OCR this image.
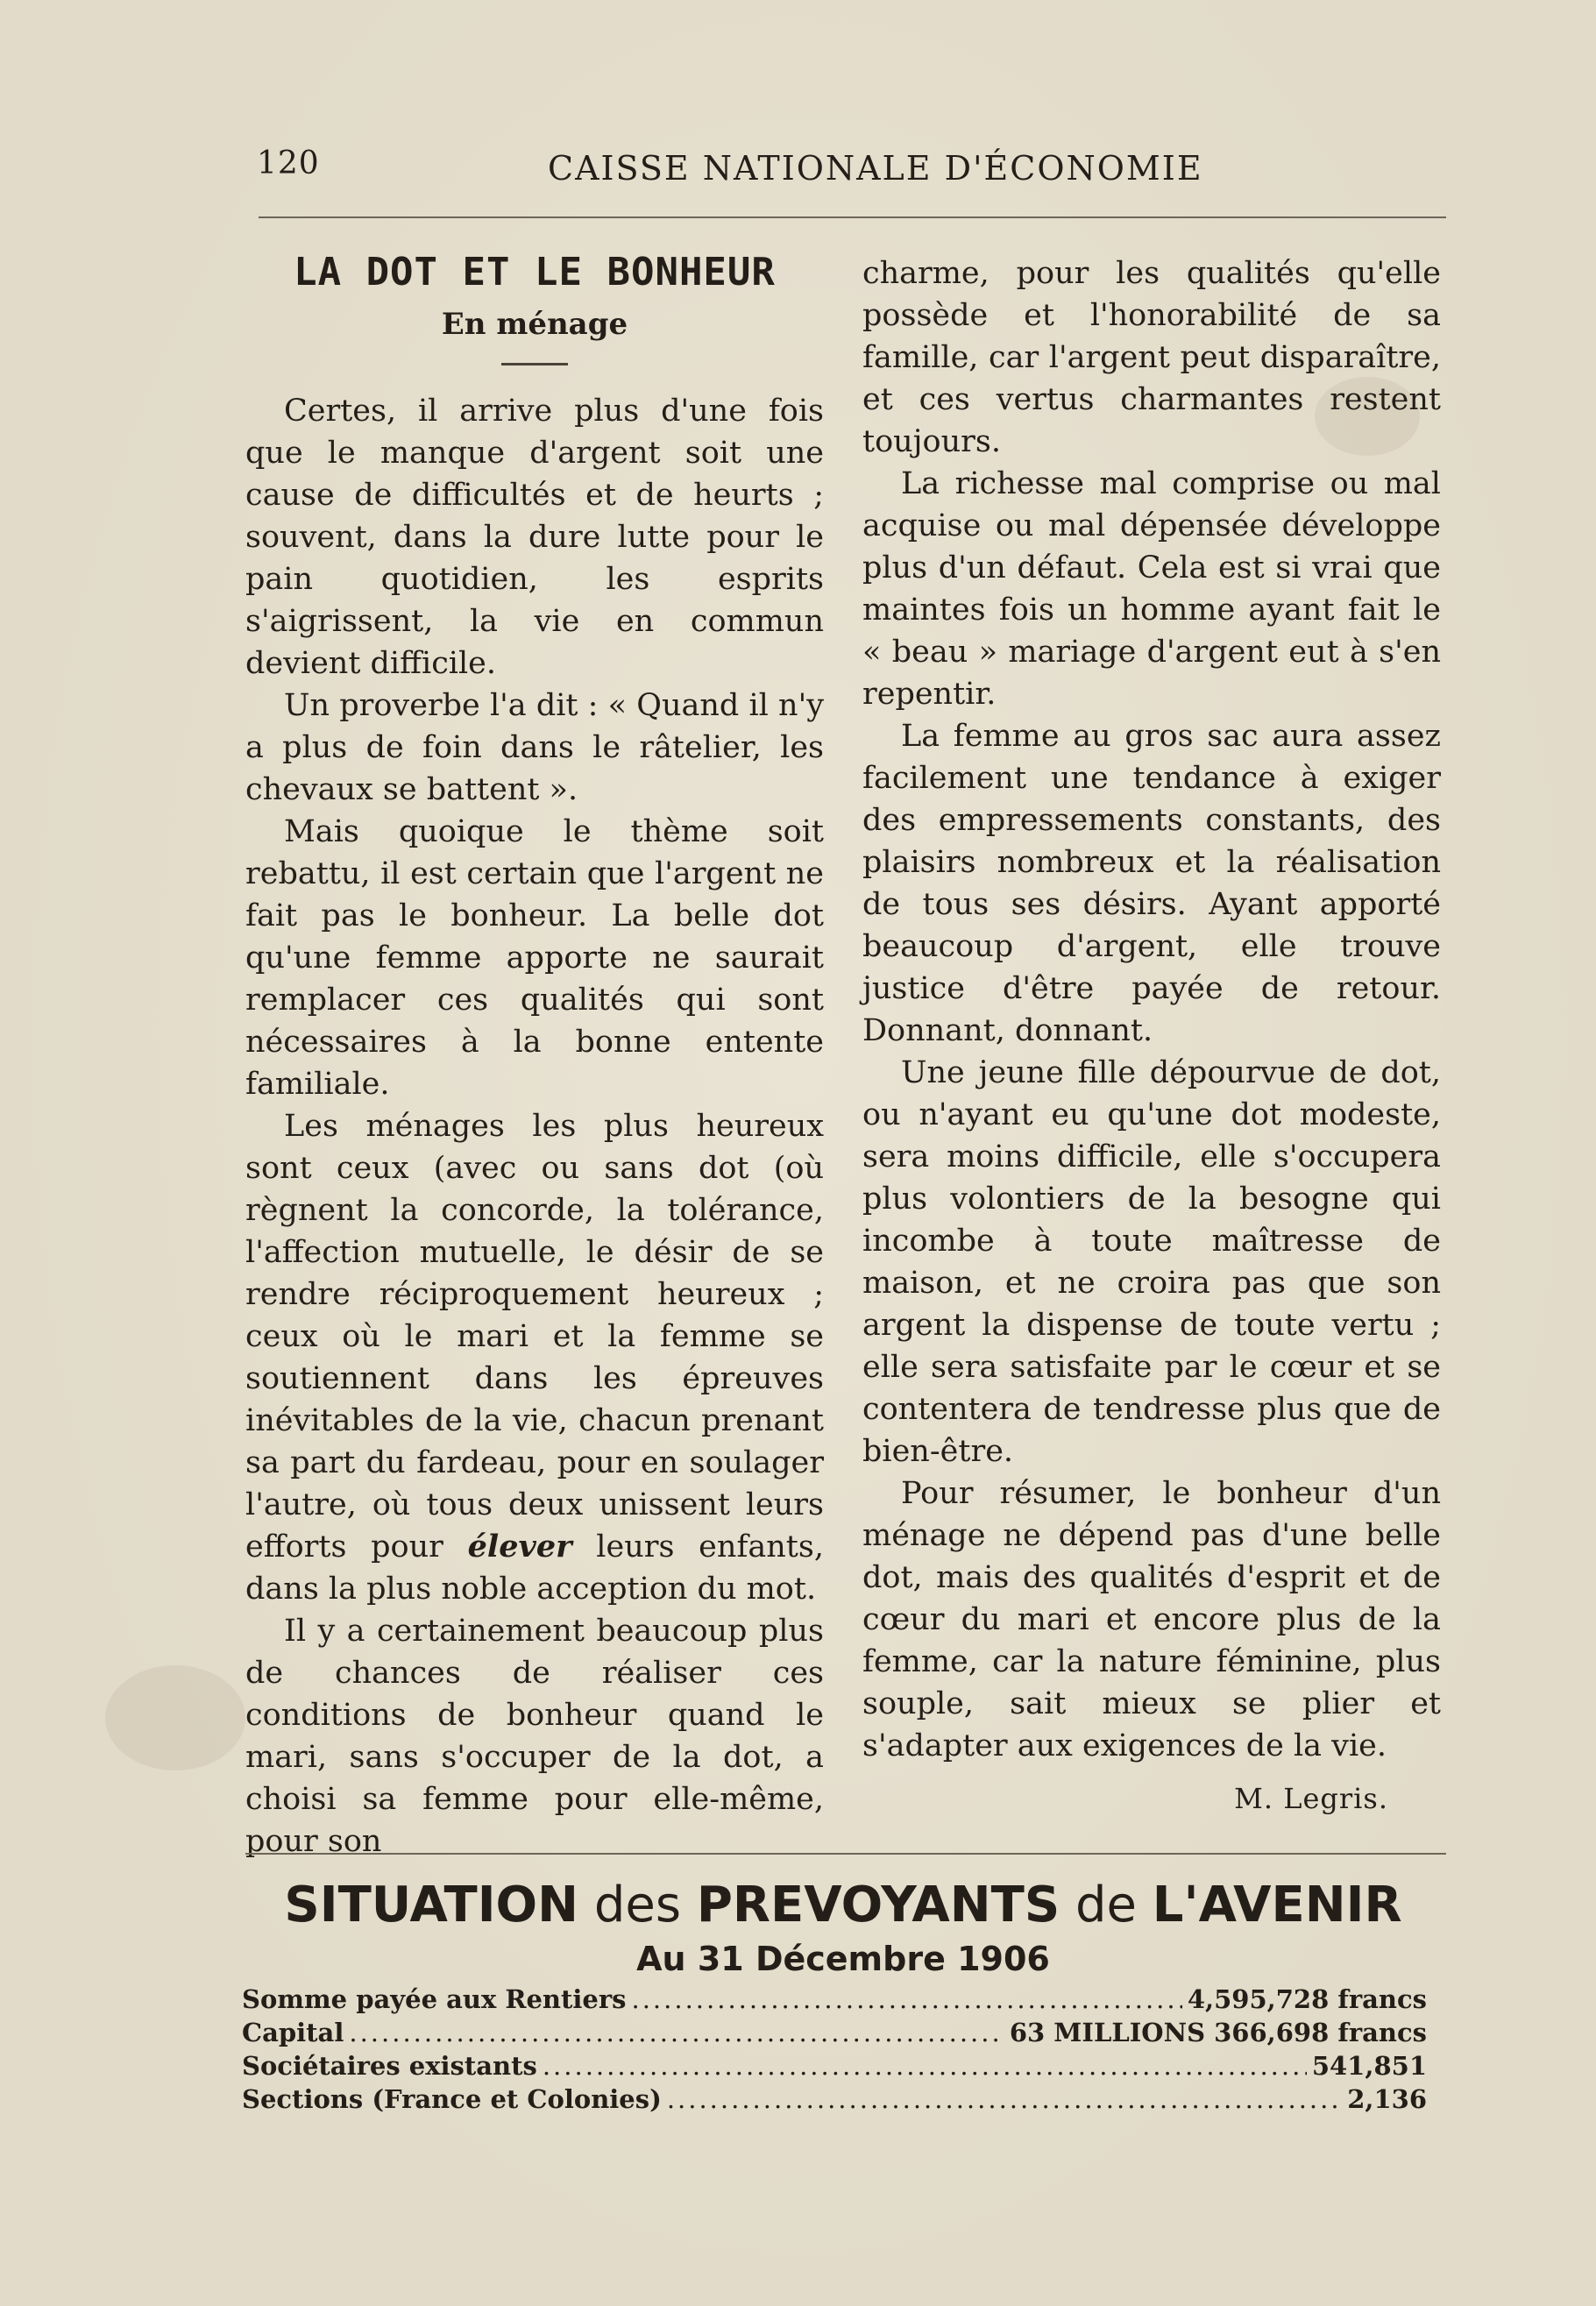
120	CAISSE NATIONALE D'ÉCONOMIE
LA DOT ET LE BONHEUR
En ménage

Certes, il arrive plus d'une fois que le manque d'argent soit une cause de difficultés et de heurts ; souvent, dans la dure lutte pour le pain quotidien, les esprits s'aigrissent, la vie en commun devient difficile.

Un proverbe l'a dit : « Quand il n'y a plus de foin dans le râtelier, les chevaux se battent ».

Mais quoique le thème soit rebattu, il est certain que l'argent ne fait pas le bonheur. La belle dot qu'une femme apporte ne saurait remplacer ces qualités qui sont nécessaires à la bonne entente familiale.

Les ménages les plus heureux sont ceux (avec ou sans dot (où règnent la concorde, la tolérance, l'affection mutuelle, le désir de se rendre réciproquement heureux ; ceux où le mari et la femme se soutiennent dans les épreuves inévitables de la vie, chacun prenant sa part du fardeau, pour en soulager l'autre, où tous deux unissent leurs efforts pour élever leurs enfants, dans la plus noble acception du mot.

Il y a certainement beaucoup plus de chances de réaliser ces conditions de bonheur quand le mari, sans s'occuper de la dot, a choisi sa femme pour elle-même, pour son

charme, pour les qualités qu'elle possède et l'honorabilité de sa famille, car l'argent peut disparaître, et ces vertus charmantes restent toujours.

La richesse mal comprise ou mal acquise ou mal dépensée développe plus d'un défaut. Cela est si vrai que maintes fois un homme ayant fait le « beau » mariage d'argent eut à s'en repentir.

La femme au gros sac aura assez facilement une tendance à exiger des empressements constants, des plaisirs nombreux et la réalisation de tous ses désirs. Ayant apporté beaucoup d'argent, elle trouve justice d'être payée de retour. Donnant, donnant.

Une jeune fille dépourvue de dot, ou n'ayant eu qu'une dot modeste, sera moins difficile, elle s'occupera plus volontiers de la besogne qui incombe à toute maîtresse de maison, et ne croira pas que son argent la dispense de toute vertu ; elle sera satisfaite par le cœur et se contentera de tendresse plus que de bien-être.

Pour résumer, le bonheur d'un ménage ne dépend pas d'une belle dot, mais des qualités d'esprit et de cœur du mari et encore plus de la femme, car la nature féminine, plus souple, sait mieux se plier et s'adapter aux exigences de la vie.

M. Legris.
SITUATION des PREVOYANTS de L'AVENIR
Au 31 Décembre 1906
Somme payée aux Rentiers .....	4,595,728 francs
Capital .....	63 MILLIONS 366,698 francs
Sociétaires existants .....	541,851
Sections (France et Colonies) .....	2,136
